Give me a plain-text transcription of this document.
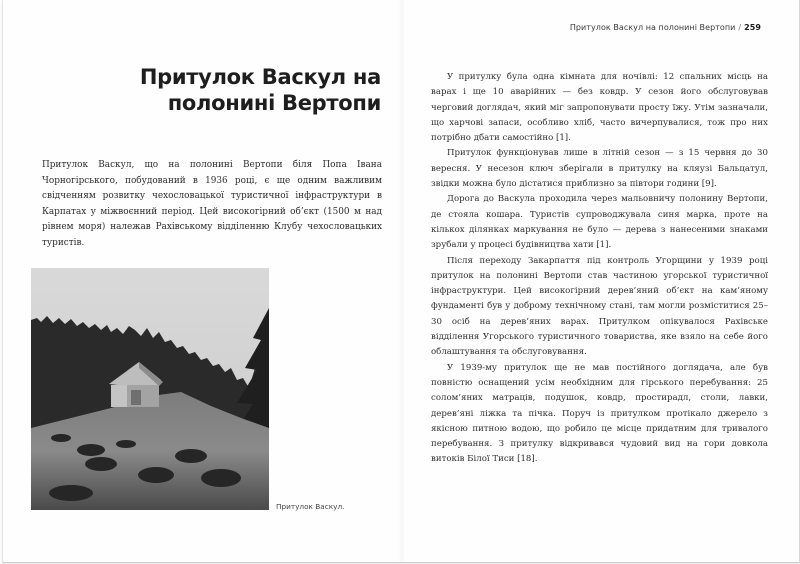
Притулок Васкул на
полонині Вертопи

Притулок Васкул, що на полонині Вертопи біля Попа Івана Чорногірського, побудований в 1936 році, є ще одним важливим свідченням розвитку чехословацької туристичної інфраструктури в Карпатах у міжвоєнний період. Цей високогірний об’єкт (1500 м над рівнем моря) належав Рахівському відділенню Клубу чехословацьких туристів.

Притулок Васкул.
Притулок Васкул на полонині Вертопи / 259

У притулку була одна кімната для ночівлі: 12 спальних місць на варах і ще 10 аварійних — без ковдр. У сезон його обслуговував черговий доглядач, який міг запропонувати просту їжу. Утім зазначали, що харчові запаси, особливо хліб, часто вичерпувалися, тож про них потрібно дбати самостійно [1].

Притулок функціонував лише в літній сезон — з 15 червня до 30 вересня. У несезон ключ зберігали в притулку на кляузі Бальцатул, звідки можна було дістатися приблизно за півтори години [9].

Дорога до Васкула проходила через мальовничу полонину Вертопи, де стояла кошара. Туристів супроводжувала синя марка, проте на кількох ділянках маркування не було — дерева з нанесеними знаками зрубали у процесі будівництва хати [1].

Після переходу Закарпаття під контроль Угорщини у 1939 році притулок на полонині Вертопи став частиною угорської туристичної інфраструктури. Цей високогірний дерев’яний об’єкт на кам’яному фундаменті був у доброму технічному стані, там могли розміститися 25–30 осіб на дерев’яних варах. Притулком опікувалося Рахівське відділення Угорського туристичного товариства, яке взяло на себе його облаштування та обслуговування.

У 1939-му притулок ще не мав постійного доглядача, але був повністю оснащений усім необхідним для гірського перебування: 25 солом’яних матраців, подушок, ковдр, простирадл, столи, лавки, дерев’яні ліжка та пічка. Поруч із притулком протікало джерело з якісною питною водою, що робило це місце придатним для тривалого перебування. З притулку відкривався чудовий вид на гори довкола витоків Білої Тиси [18].
